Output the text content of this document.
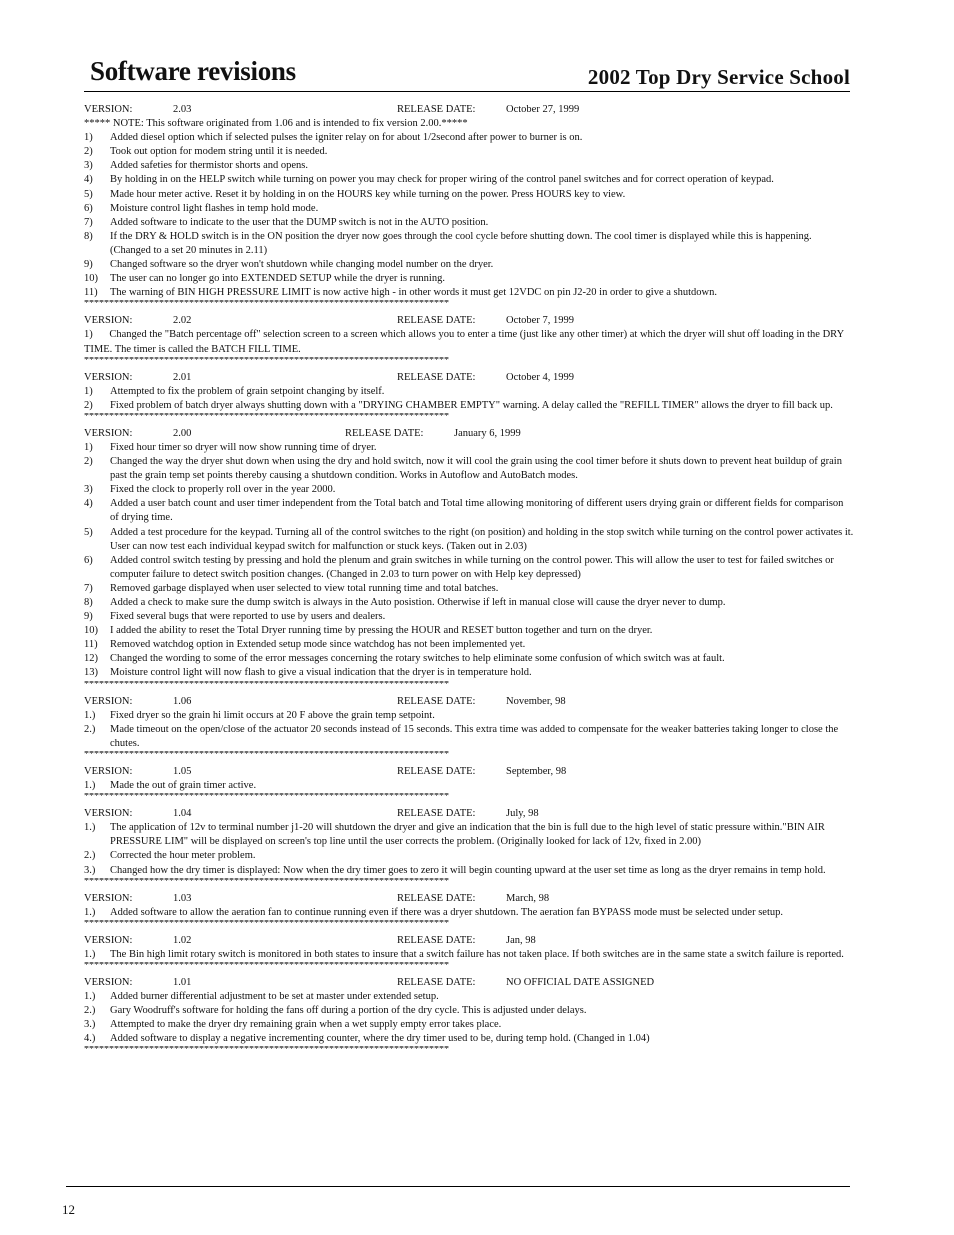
Software revisions	2002 Top Dry Service School
VERSION:	2.03	RELEASE DATE:	October 27, 1999
***** NOTE: This software originated from 1.06 and is intended to fix version 2.00.*****
1) Added diesel option which if selected pulses the igniter relay on for about 1/2second after power to burner is on.
2) Took out option for modem string until it is needed.
3) Added safeties for thermistor shorts and opens.
4) By holding in on the HELP switch while turning on power you may check for proper wiring of the control panel switches and for correct operation of keypad.
5) Made hour meter active. Reset it by holding in on the HOURS key while turning on the power. Press HOURS key to view.
6) Moisture control light flashes in temp hold mode.
7) Added software to indicate to the user that the DUMP switch is not in the AUTO position.
8) If the DRY & HOLD switch is in the ON position the dryer now goes through the cool cycle before shutting down. The cool timer is displayed while this is happening. (Changed to a set 20 minutes in 2.11)
9) Changed software so the dryer won't shutdown while changing model number on the dryer.
10) The user can no longer go into EXTENDED SETUP while the dryer is running.
11) The warning of BIN HIGH PRESSURE LIMIT is now active high - in other words it must get 12VDC on pin J2-20 in order to give a shutdown.
*************************************************************************
VERSION:	2.02	RELEASE DATE:	October 7, 1999
1) Changed the "Batch percentage off" selection screen to a screen which allows you to enter a time (just like any other timer) at which the dryer will shut off loading in the DRY TIME. The timer is called the BATCH FILL TIME.
*************************************************************************
VERSION:	2.01	RELEASE DATE:	October 4, 1999
1) Attempted to fix the problem of grain setpoint changing by itself.
2) Fixed problem of batch dryer always shutting down with a "DRYING CHAMBER EMPTY" warning. A delay called the "REFILL TIMER" allows the dryer to fill back up.
*************************************************************************
VERSION:	2.00	RELEASE DATE:	January 6, 1999
1) Fixed hour timer so dryer will now show running time of dryer.
2) Changed the way the dryer shut down when using the dry and hold switch, now it will cool the grain using the cool timer before it shuts down to prevent heat buildup of grain past the grain temp set points thereby causing a shutdown condition. Works in Autoflow and AutoBatch modes.
3) Fixed the clock to properly roll over in the year 2000.
4) Added a user batch count and user timer independent from the Total batch and Total time allowing monitoring of different users drying grain or different fields for comparison of drying time.
5) Added a test procedure for the keypad. Turning all of the control switches to the right (on position) and holding in the stop switch while turning on the control power activates it. User can now test each individual keypad switch for malfunction or stuck keys. (Taken out in 2.03)
6) Added control switch testing by pressing and hold the plenum and grain switches in while turning on the control power. This will allow the user to test for failed switches or computer failure to detect switch position changes. (Changed in 2.03 to turn power on with Help key depressed)
7) Removed garbage displayed when user selected to view total running time and total batches.
8) Added a check to make sure the dump switch is always in the Auto posistion. Otherwise if left in manual close will cause the dryer never to dump.
9) Fixed several bugs that were reported to use by users and dealers.
10) I added the ability to reset the Total Dryer running time by pressing the HOUR and RESET button together and turn on the dryer.
11) Removed watchdog option in Extended setup mode since watchdog has not been implemented yet.
12) Changed the wording to some of the error messages concerning the rotary switches to help eliminate some confusion of which switch was at fault.
13) Moisture control light will now flash to give a visual indication that the dryer is in temperature hold.
*************************************************************************
VERSION:	1.06	RELEASE DATE:	November, 98
1.) Fixed dryer so the grain hi limit occurs at 20 F above the grain temp setpoint.
2.) Made timeout on the open/close of the actuator 20 seconds instead of 15 seconds. This extra time was added to compensate for the weaker batteries taking longer to close the chutes.
*************************************************************************
VERSION:	1.05	RELEASE DATE:	September, 98
1.) Made the out of grain timer active.
*************************************************************************
VERSION:	1.04	RELEASE DATE:	July, 98
1.) The application of 12v to terminal number j1-20 will shutdown the dryer and give an indication that the bin is full due to the high level of static pressure within."BIN AIR PRESSURE LIM" will be displayed on screen's top line until the user corrects the problem. (Originally looked for lack of 12v, fixed in 2.00)
2.) Corrected the hour meter problem.
3.) Changed how the dry timer is displayed: Now when the dry timer goes to zero it will begin counting upward at the user set time as long as the dryer remains in temp hold.
*************************************************************************
VERSION:	1.03	RELEASE DATE:	March, 98
1.) Added software to allow the aeration fan to continue running even if there was a dryer shutdown. The aeration fan BYPASS mode must be selected under setup.
*************************************************************************
VERSION:	1.02	RELEASE DATE:	Jan, 98
1.) The Bin high limit rotary switch is monitored in both states to insure that a switch failure has not taken place. If both switches are in the same state a switch failure is reported.
*************************************************************************
VERSION:	1.01	RELEASE DATE:	NO OFFICIAL DATE ASSIGNED
1.) Added burner differential adjustment to be set at master under extended setup.
2.) Gary Woodruff's software for holding the fans off during a portion of the dry cycle. This is adjusted under delays.
3.) Attempted to make the dryer dry remaining grain when a wet supply empty error takes place.
4.) Added software to display a negative incrementing counter, where the dry timer used to be, during temp hold. (Changed in 1.04)
*************************************************************************
12
